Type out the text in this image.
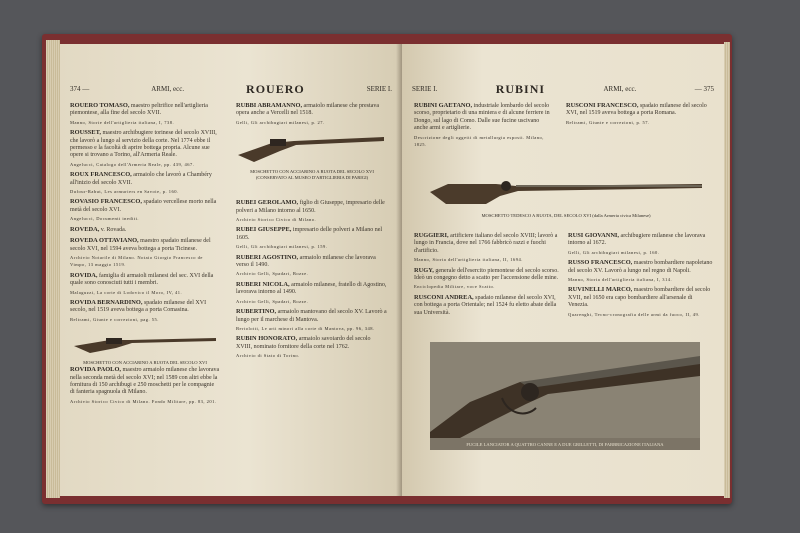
374 —	ARMI, ecc.	ROUERO	SERIE I.
ROUERO TOMASO, maestro peltrifice nell'artiglieria piemontese, alla fine del secolo XVII.
Manno, Storie dell'artiglieria italiana, I, 738.
ROUSSET, maestro archibugiere torinese del secolo XVIII, che lavorò a lungo al servizio della corte. Nel 1774 ebbe il permesso e la facoltà di aprire bottega propria. Alcune sue opere si trovano a Torino, all'Armeria Reale.
Angelucci, Catalogo dell'Armeria Reale, pp. 439, 467.
ROUX FRANCESCO, armaiolo che lavorò a Chambéry all'inizio del secolo XVII.
Dufour-Rabut, Les armuriers en Savoie, p. 160.
ROVASIO FRANCESCO, spadaio vercellese morto nella metà del secolo XVI.
Angelucci, Documenti inediti.
ROVEDA, v. Rovada.
ROVEDA OTTAVIANO, maestro spadaio milanese del secolo XVI, nel 1594 aveva bottega a porta Ticinese.
Archivio Notarile di Milano. Notaio Giorgio Francesco de Vimpo, 13 maggio 1519.
ROVIDA, famiglia di armaioli milanesi del sec. XVI della quale sono conosciuti tutti i membri.
Malaguzzi, La corte di Lodovico il Moro, IV, 41.
ROVIDA BERNARDINO, spadaio milanese del XVI secolo, nel 1519 aveva bottega a porta Comasina.
Beltrami, Giunte e correzioni, pag. 55.
MOSCHETTO CON ACCIARINO A RUOTA DEL SECOLO XVI
ROVIDA PAOLO, maestro armaiolo milanese che lavorava nella seconda metà del secolo XVI; nel 1589 con altri ebbe la fornitura di 150 archibugi e 250 moschetti per le compagnie di fanteria spagnuola di Milano.
Archivio Storico Civico di Milano. Fondo Militare, pp. 83, 201.
RUBBI ABRAMANNO, armaiolo milanese che prestava opera anche a Vercelli nel 1518.
Gelli, Gli archibugiari milanesi, p. 27.
MOSCHETTO CON ACCIARINO A RUOTA DEL SECOLO XVI (CONSERVATO AL MUSEO D'ARTIGLIERIA DI PARIGI)
RUBEI GEROLAMO, figlio di Giuseppe, impresario delle polveri a Milano intorno al 1650.
Archivio Storico Civico di Milano.
RUBEI GIUSEPPE, impresario delle polveri a Milano nel 1605.
Gelli, Gli archibugiari milanesi, p. 159.
RUBERI AGOSTINO, armaiolo milanese che lavorava verso il 1490.
Archivio Gelli, Spadari, Bozze.
RUBERI NICOLA, armaiolo milanese, fratello di Agostino, lavorava intorno al 1490.
Archivio Gelli, Spadari, Bozze.
RUBERTINO, armaiolo mantovano del secolo XV. Lavorò a lungo per il marchese di Mantova.
Bertolotti, Le arti minori alla corte di Mantova, pp. 96, 348.
RUBIN HONORATO, armaiolo savoiardo del secolo XVIII, nominato fornitore della corte nel 1762.
Archivio di Stato di Torino.
SERIE I.	RUBINI	ARMI, ecc.	— 375
RUBINI GAETANO, industriale lombardo del secolo scorso, proprietario di una miniera e di alcune ferriere in Dongo, sul lago di Como. Dalle sue fucine uscivano anche armi e artiglierie.
Descrizione degli oggetti di metallurgia esposti. Milano, 1825.
RUSCONI FRANCESCO, spadaio milanese del secolo XVI, nel 1519 aveva bottega a porta Romana.
Beltrami, Giunte e correzioni, p. 57.
MOSCHETTO TEDESCO A RUOTA, DEL SECOLO XVI (dalla Armeria civica Milanese)
RUGGIERI, artificiere italiano del secolo XVIII; lavorò a lungo in Francia, dove nel 1766 fabbricò razzi e fuochi d'artificio.
Manno, Storia dell'artiglieria italiana, II, 1694.
RUGY, generale dell'esercito piemontese del secolo scorso. Ideò un congegno detto a scatto per l'accensione delle mine.
Enciclopedia Militare, voce Scatto.
RUSCONI ANDREA, spadaio milanese del secolo XVI, con bottega a porta Orientale; nel 1524 fu eletto abate della sua Università.
RUSI GIOVANNI, archibugiere milanese che lavorava intorno al 1672.
Gelli, Gli archibugiari milanesi, p. 160.
RUSSO FRANCESCO, maestro bombardiere napoletano del secolo XV. Lavorò a lungo nel regno di Napoli.
Manno, Storia dell'artiglieria italiana, I, 314.
RUVINELLI MARCO, maestro bombardiere del secolo XVII, nel 1650 era capo bombardiere all'arsenale di Venezia.
Quarenghi, Tecno-cronografia delle armi da fuoco, II, 49.
FUCILE LANCIATOR A QUATTRO CANNE E A DUE GRILLETTI, DI FABBRICAZIONE ITALIANA
